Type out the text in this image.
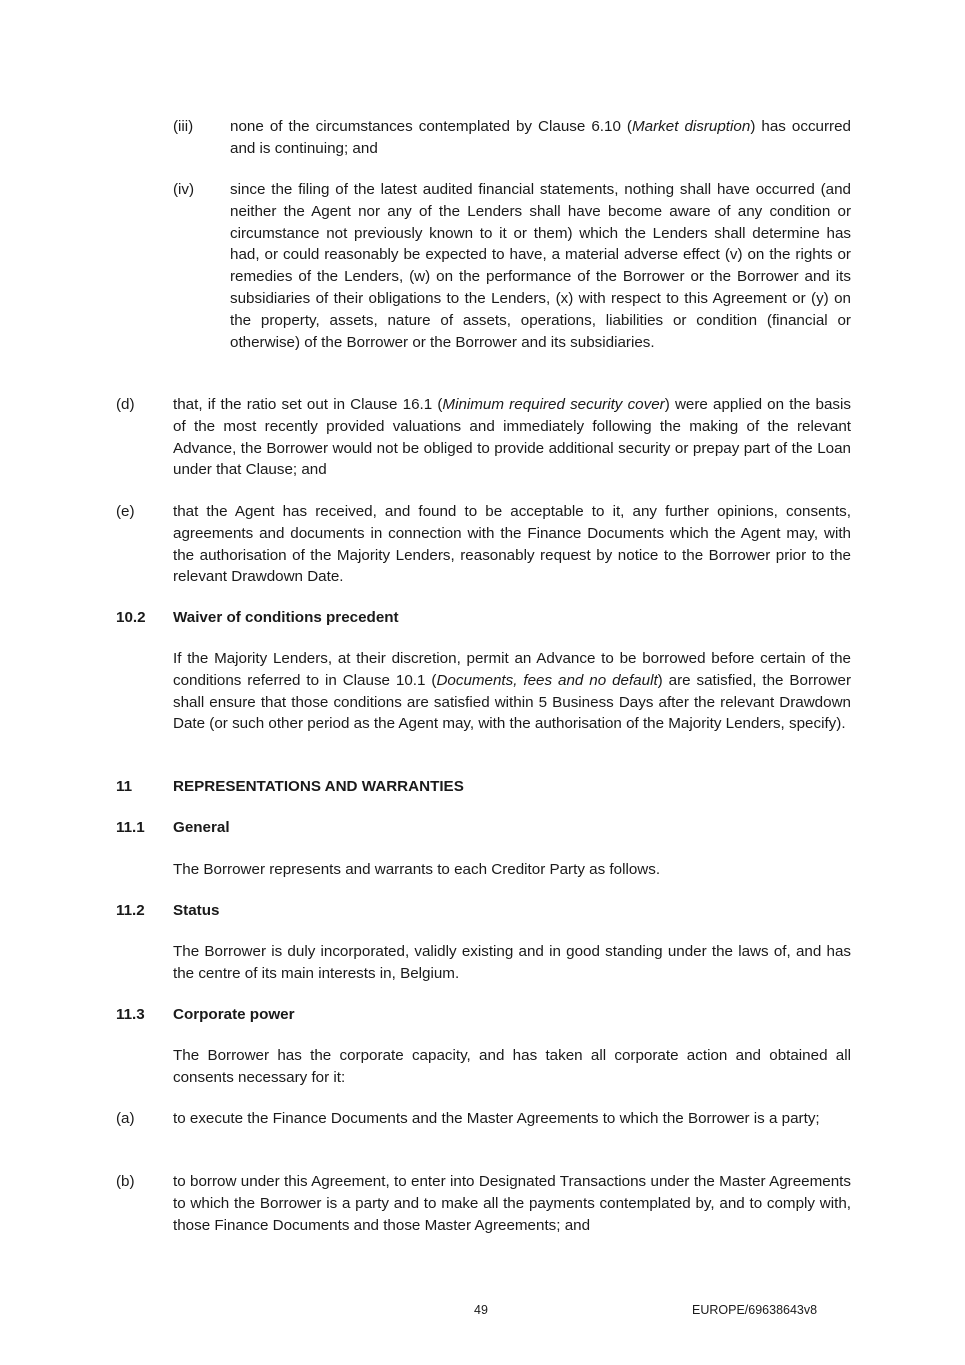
(iii) none of the circumstances contemplated by Clause 6.10 (Market disruption) has occurred and is continuing; and
(iv) since the filing of the latest audited financial statements, nothing shall have occurred (and neither the Agent nor any of the Lenders shall have become aware of any condition or circumstance not previously known to it or them) which the Lenders shall determine has had, or could reasonably be expected to have, a material adverse effect (v) on the rights or remedies of the Lenders, (w) on the performance of the Borrower or the Borrower and its subsidiaries of their obligations to the Lenders, (x) with respect to this Agreement or (y) on the property, assets, nature of assets, operations, liabilities or condition (financial or otherwise) of the Borrower or the Borrower and its subsidiaries.
(d)	that, if the ratio set out in Clause 16.1 (Minimum required security cover) were applied on the basis of the most recently provided valuations and immediately following the making of the relevant Advance, the Borrower would not be obliged to provide additional security or prepay part of the Loan under that Clause; and
(e)	that the Agent has received, and found to be acceptable to it, any further opinions, consents, agreements and documents in connection with the Finance Documents which the Agent may, with the authorisation of the Majority Lenders, reasonably request by notice to the Borrower prior to the relevant Drawdown Date.
10.2 Waiver of conditions precedent
If the Majority Lenders, at their discretion, permit an Advance to be borrowed before certain of the conditions referred to in Clause 10.1 (Documents, fees and no default) are satisfied, the Borrower shall ensure that those conditions are satisfied within 5 Business Days after the relevant Drawdown Date (or such other period as the Agent may, with the authorisation of the Majority Lenders, specify).
11	REPRESENTATIONS AND WARRANTIES
11.1 General
The Borrower represents and warrants to each Creditor Party as follows.
11.2 Status
The Borrower is duly incorporated, validly existing and in good standing under the laws of, and has the centre of its main interests in, Belgium.
11.3 Corporate power
The Borrower has the corporate capacity, and has taken all corporate action and obtained all consents necessary for it:
(a)	to execute the Finance Documents and the Master Agreements to which the Borrower is a party;
(b)	to borrow under this Agreement, to enter into Designated Transactions under the Master Agreements to which the Borrower is a party and to make all the payments contemplated by, and to comply with, those Finance Documents and those Master Agreements; and
49	EUROPE/69638643v8
